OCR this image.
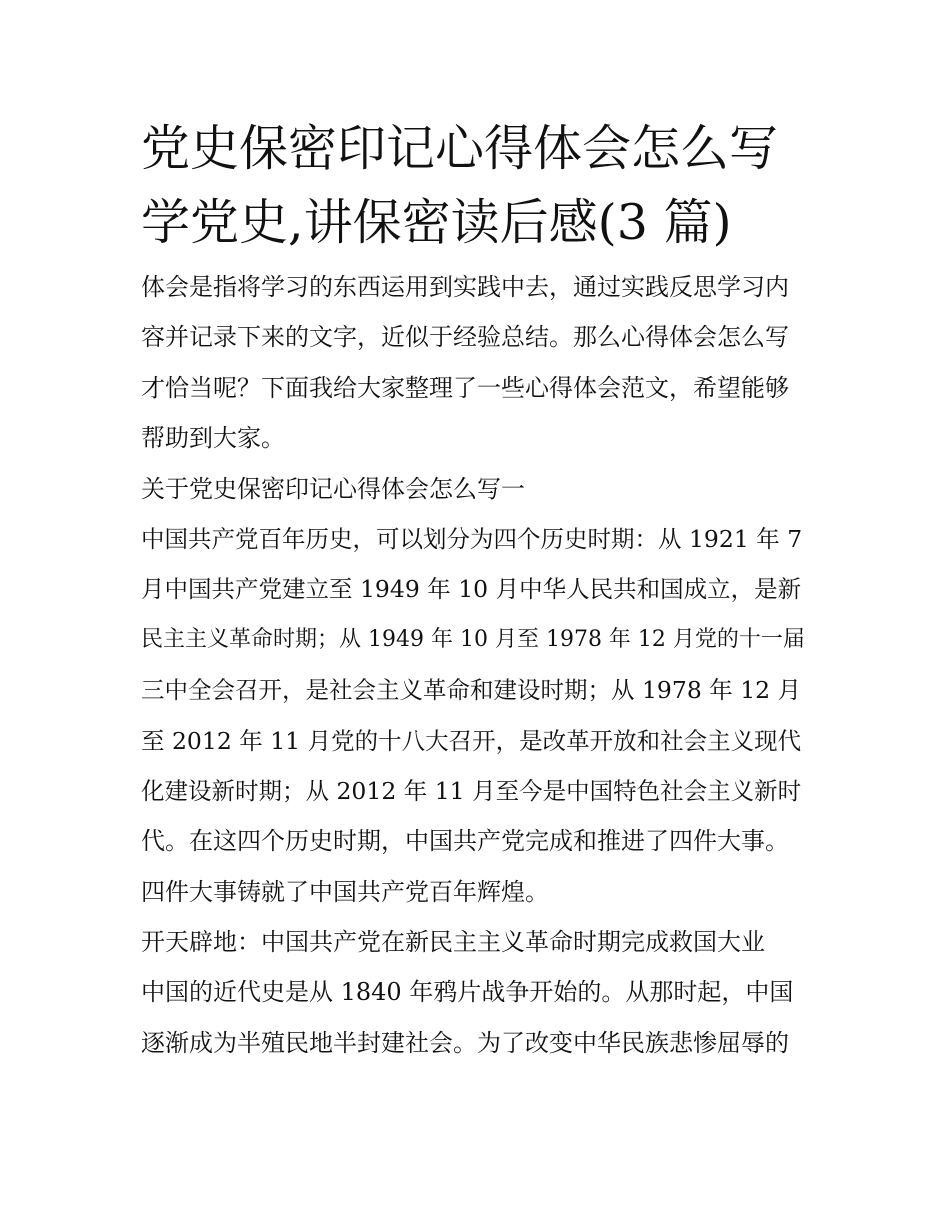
党史保密印记心得体会怎么写
学党史,讲保密读后感(3 篇)
体会是指将学习的东西运用到实践中去，通过实践反思学习内
容并记录下来的文字，近似于经验总结。那么心得体会怎么写
才恰当呢？下面我给大家整理了一些心得体会范文，希望能够
帮助到大家。
关于党史保密印记心得体会怎么写一
中国共产党百年历史，可以划分为四个历史时期：从 1921 年 7
月中国共产党建立至 1949 年 10 月中华人民共和国成立，是新
民主主义革命时期；从 1949 年 10 月至 1978 年 12 月党的十一届
三中全会召开，是社会主义革命和建设时期；从 1978 年 12 月
至 2012 年 11 月党的十八大召开，是改革开放和社会主义现代
化建设新时期；从 2012 年 11 月至今是中国特色社会主义新时
代。在这四个历史时期，中国共产党完成和推进了四件大事。
四件大事铸就了中国共产党百年辉煌。
开天辟地：中国共产党在新民主主义革命时期完成救国大业
中国的近代史是从 1840 年鸦片战争开始的。从那时起，中国
逐渐成为半殖民地半封建社会。为了改变中华民族悲惨屈辱的
